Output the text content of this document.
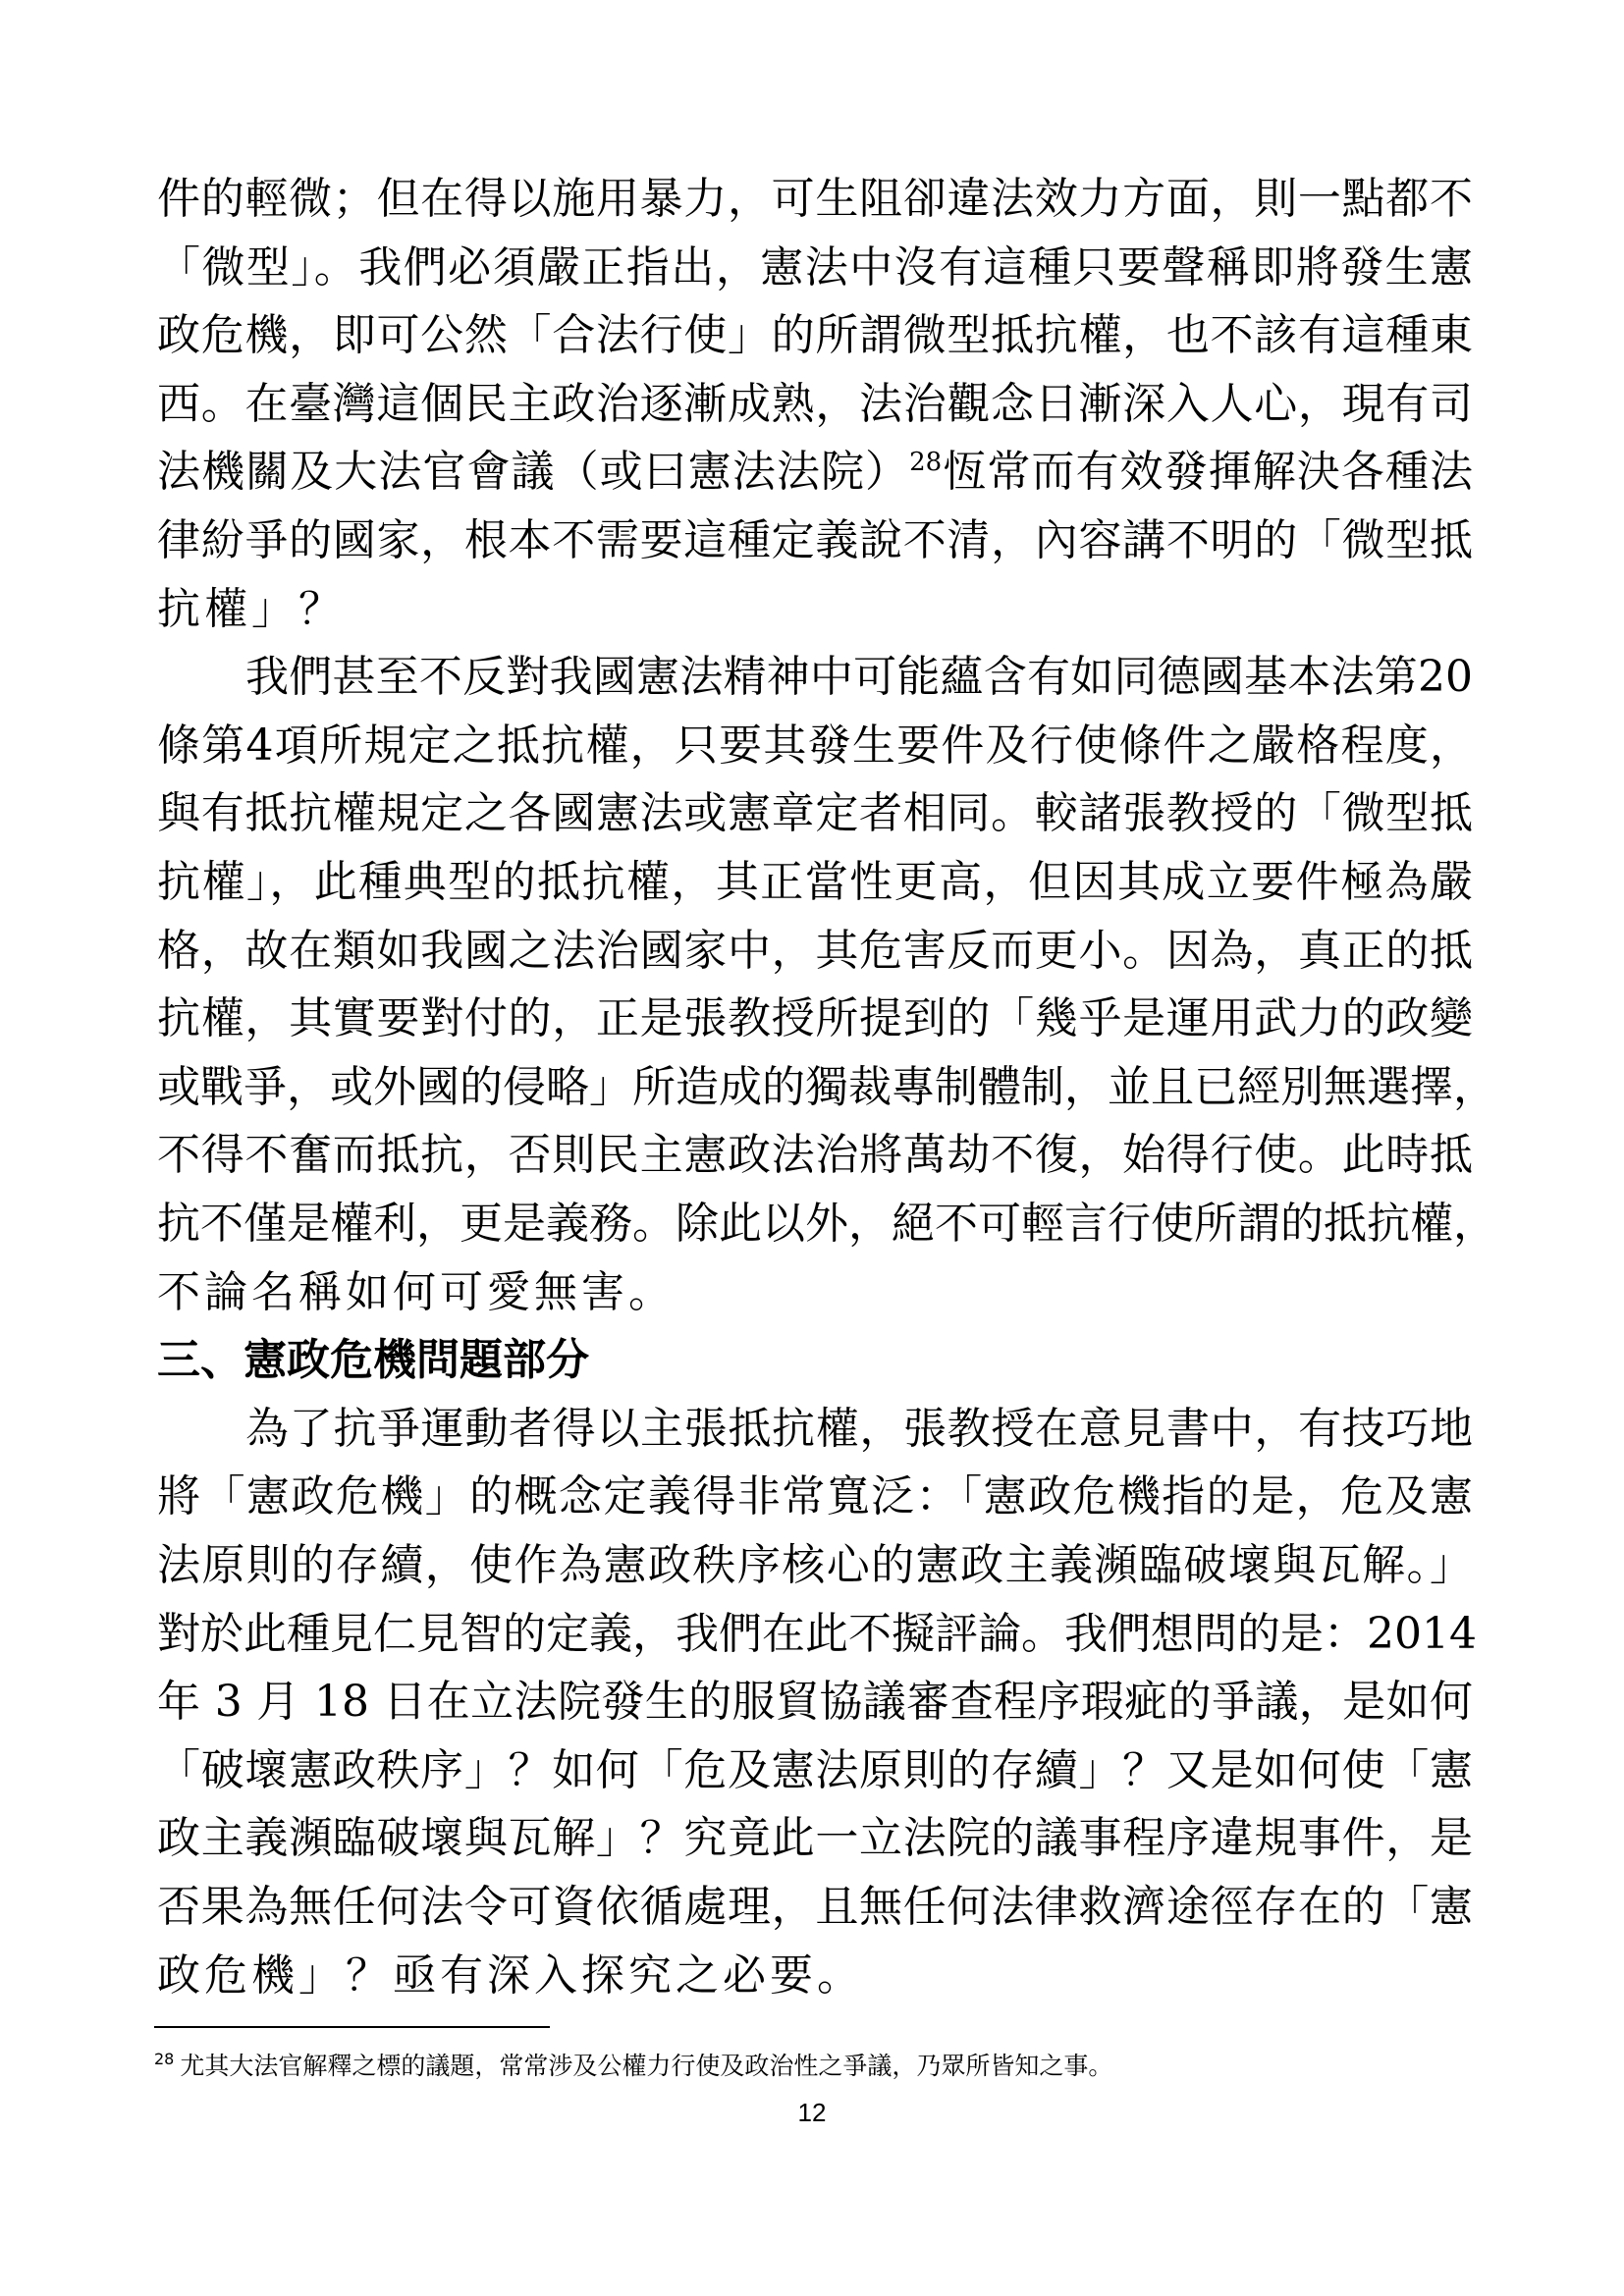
件的輕微；但在得以施用暴力，可生阻卻違法效力方面，則一點都不
「微型」。我們必須嚴正指出，憲法中沒有這種只要聲稱即將發生憲
政危機，即可公然「合法行使」的所謂微型抵抗權，也不該有這種東
西。在臺灣這個民主政治逐漸成熟，法治觀念日漸深入人心，現有司
法機關及大法官會議（或曰憲法法院）$^{28}$恆常而有效發揮解決各種法
律紛爭的國家，根本不需要這種定義說不清，內容講不明的「微型抵
抗權」？
我們甚至不反對我國憲法精神中可能蘊含有如同德國基本法第20
條第4項所規定之抵抗權，只要其發生要件及行使條件之嚴格程度，
與有抵抗權規定之各國憲法或憲章定者相同。較諸張教授的「微型抵
抗權」，此種典型的抵抗權，其正當性更高，但因其成立要件極為嚴
格，故在類如我國之法治國家中，其危害反而更小。因為，真正的抵
抗權，其實要對付的，正是張教授所提到的「幾乎是運用武力的政變
或戰爭，或外國的侵略」所造成的獨裁專制體制，並且已經別無選擇，
不得不奮而抵抗，否則民主憲政法治將萬劫不復，始得行使。此時抵
抗不僅是權利，更是義務。除此以外，絕不可輕言行使所謂的抵抗權，
不論名稱如何可愛無害。
三、憲政危機問題部分
為了抗爭運動者得以主張抵抗權，張教授在意見書中，有技巧地
將「憲政危機」的概念定義得非常寬泛：「憲政危機指的是，危及憲
法原則的存續，使作為憲政秩序核心的憲政主義瀕臨破壞與瓦解。」
對於此種見仁見智的定義，我們在此不擬評論。我們想問的是：2014
年 3 月 18 日在立法院發生的服貿協議審查程序瑕疵的爭議，是如何
「破壞憲政秩序」？如何「危及憲法原則的存續」？又是如何使「憲
政主義瀕臨破壞與瓦解」？究竟此一立法院的議事程序違規事件，是
否果為無任何法令可資依循處理，且無任何法律救濟途徑存在的「憲
政危機」？亟有深入探究之必要。
$^{28}$ 尤其大法官解釋之標的議題，常常涉及公權力行使及政治性之爭議，乃眾所皆知之事。
12
